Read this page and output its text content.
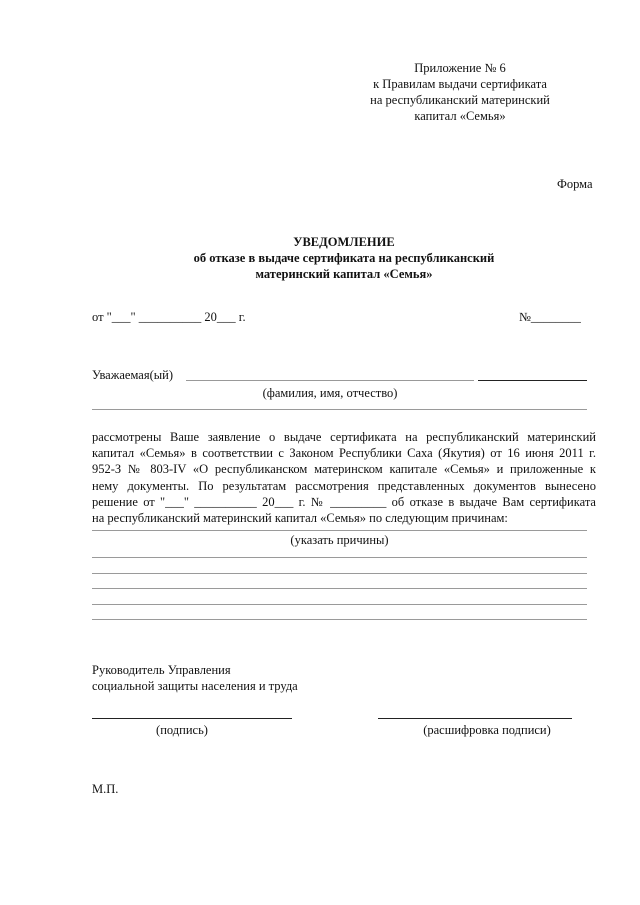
Приложение № 6
к Правилам выдачи сертификата
на республиканский материнский
капитал «Семья»
Форма
УВЕДОМЛЕНИЕ
об отказе в выдаче сертификата на республиканский
материнский капитал «Семья»
от "___" __________ 20___ г.	№________
Уважаемая(ый)
(фамилия, имя, отчество)
рассмотрены Ваше заявление о выдаче сертификата на республиканский материнский
капитал «Семья» в соответствии с Законом Республики Саха (Якутия) от 16 июня 2011 г.
952-З № 803-IV «О республиканском материнском капитале «Семья» и приложенные к
нему документы. По результатам рассмотрения представленных документов вынесено
решение от "___" __________ 20___ г. № _________ об отказе в выдаче Вам сертификата
на республиканский материнский капитал «Семья» по следующим причинам:
(указать причины)
Руководитель Управления
социальной защиты населения и труда
(подпись)	(расшифровка подписи)
М.П.
